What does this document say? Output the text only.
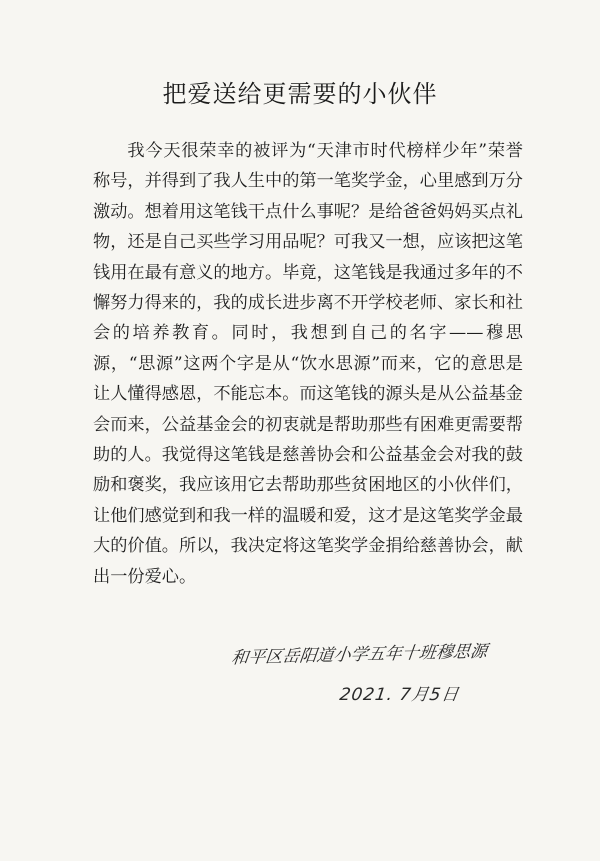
把爱送给更需要的小伙伴

我今天很荣幸的被评为“天津市时代榜样少年”荣誉称号，并得到了我人生中的第一笔奖学金，心里感到万分激动。想着用这笔钱干点什么事呢？是给爸爸妈妈买点礼物，还是自己买些学习用品呢？可我又一想，应该把这笔钱用在最有意义的地方。毕竟，这笔钱是我通过多年的不懈努力得来的，我的成长进步离不开学校老师、家长和社会的培养教育。同时，我想到自己的名字——穆思源，“思源”这两个字是从“饮水思源”而来，它的意思是让人懂得感恩，不能忘本。而这笔钱的源头是从公益基金会而来，公益基金会的初衷就是帮助那些有困难更需要帮助的人。我觉得这笔钱是慈善协会和公益基金会对我的鼓励和褒奖，我应该用它去帮助那些贫困地区的小伙伴们，让他们感觉到和我一样的温暖和爱，这才是这笔奖学金最大的价值。所以，我决定将这笔奖学金捐给慈善协会，献出一份爱心。

和平区岳阳道小学五年十班穆思源
2021. 7月5日
